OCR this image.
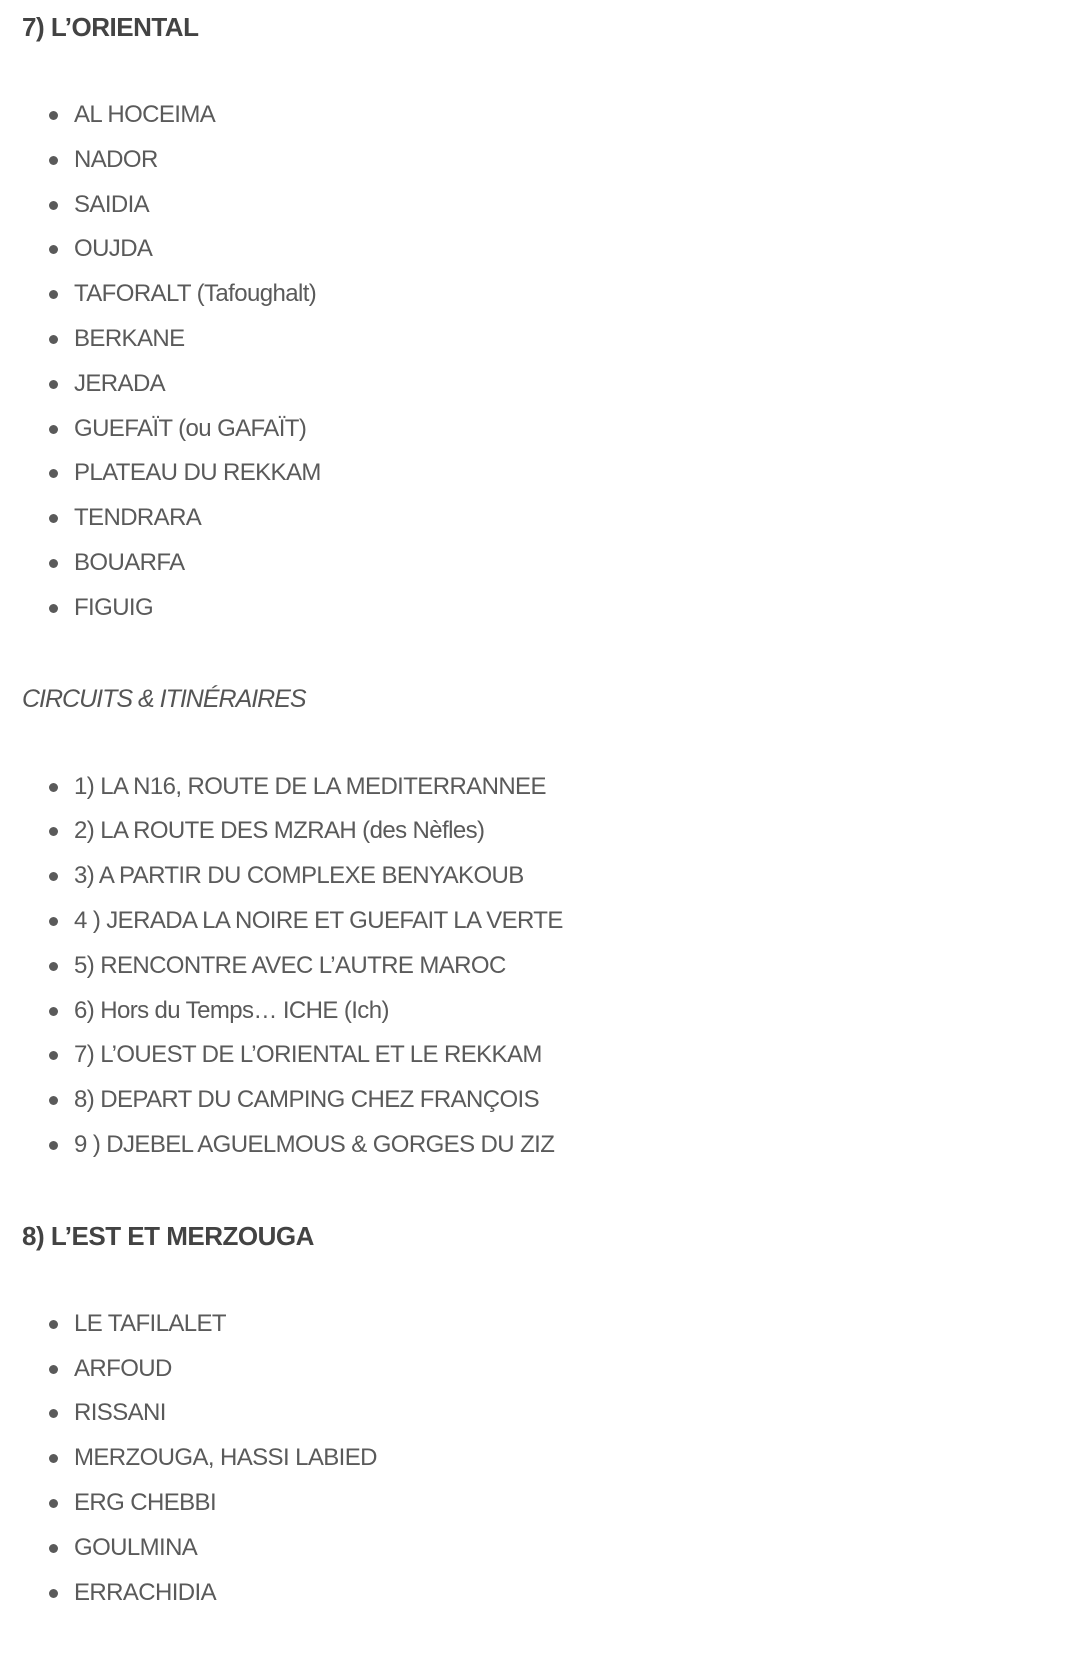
7) L’ORIENTAL
AL HOCEIMA
NADOR
SAIDIA
OUJDA
TAFORALT (Tafoughalt)
BERKANE
JERADA
GUEFAÏT (ou GAFAÏT)
PLATEAU DU REKKAM
TENDRARA
BOUARFA
FIGUIG
CIRCUITS & ITINÉRAIRES
1) LA N16, ROUTE DE LA MEDITERRANNEE
2) LA ROUTE DES MZRAH (des Nèfles)
3) A PARTIR DU COMPLEXE BENYAKOUB
4 ) JERADA LA NOIRE ET GUEFAIT LA VERTE
5) RENCONTRE AVEC L’AUTRE MAROC
6) Hors du Temps… ICHE (Ich)
7) L’OUEST DE L’ORIENTAL ET LE REKKAM
8) DEPART DU CAMPING CHEZ FRANÇOIS
9 ) DJEBEL AGUELMOUS & GORGES DU ZIZ
8) L’EST ET MERZOUGA
LE TAFILALET
ARFOUD
RISSANI
MERZOUGA, HASSI LABIED
ERG CHEBBI
GOULMINA
ERRACHIDIA
